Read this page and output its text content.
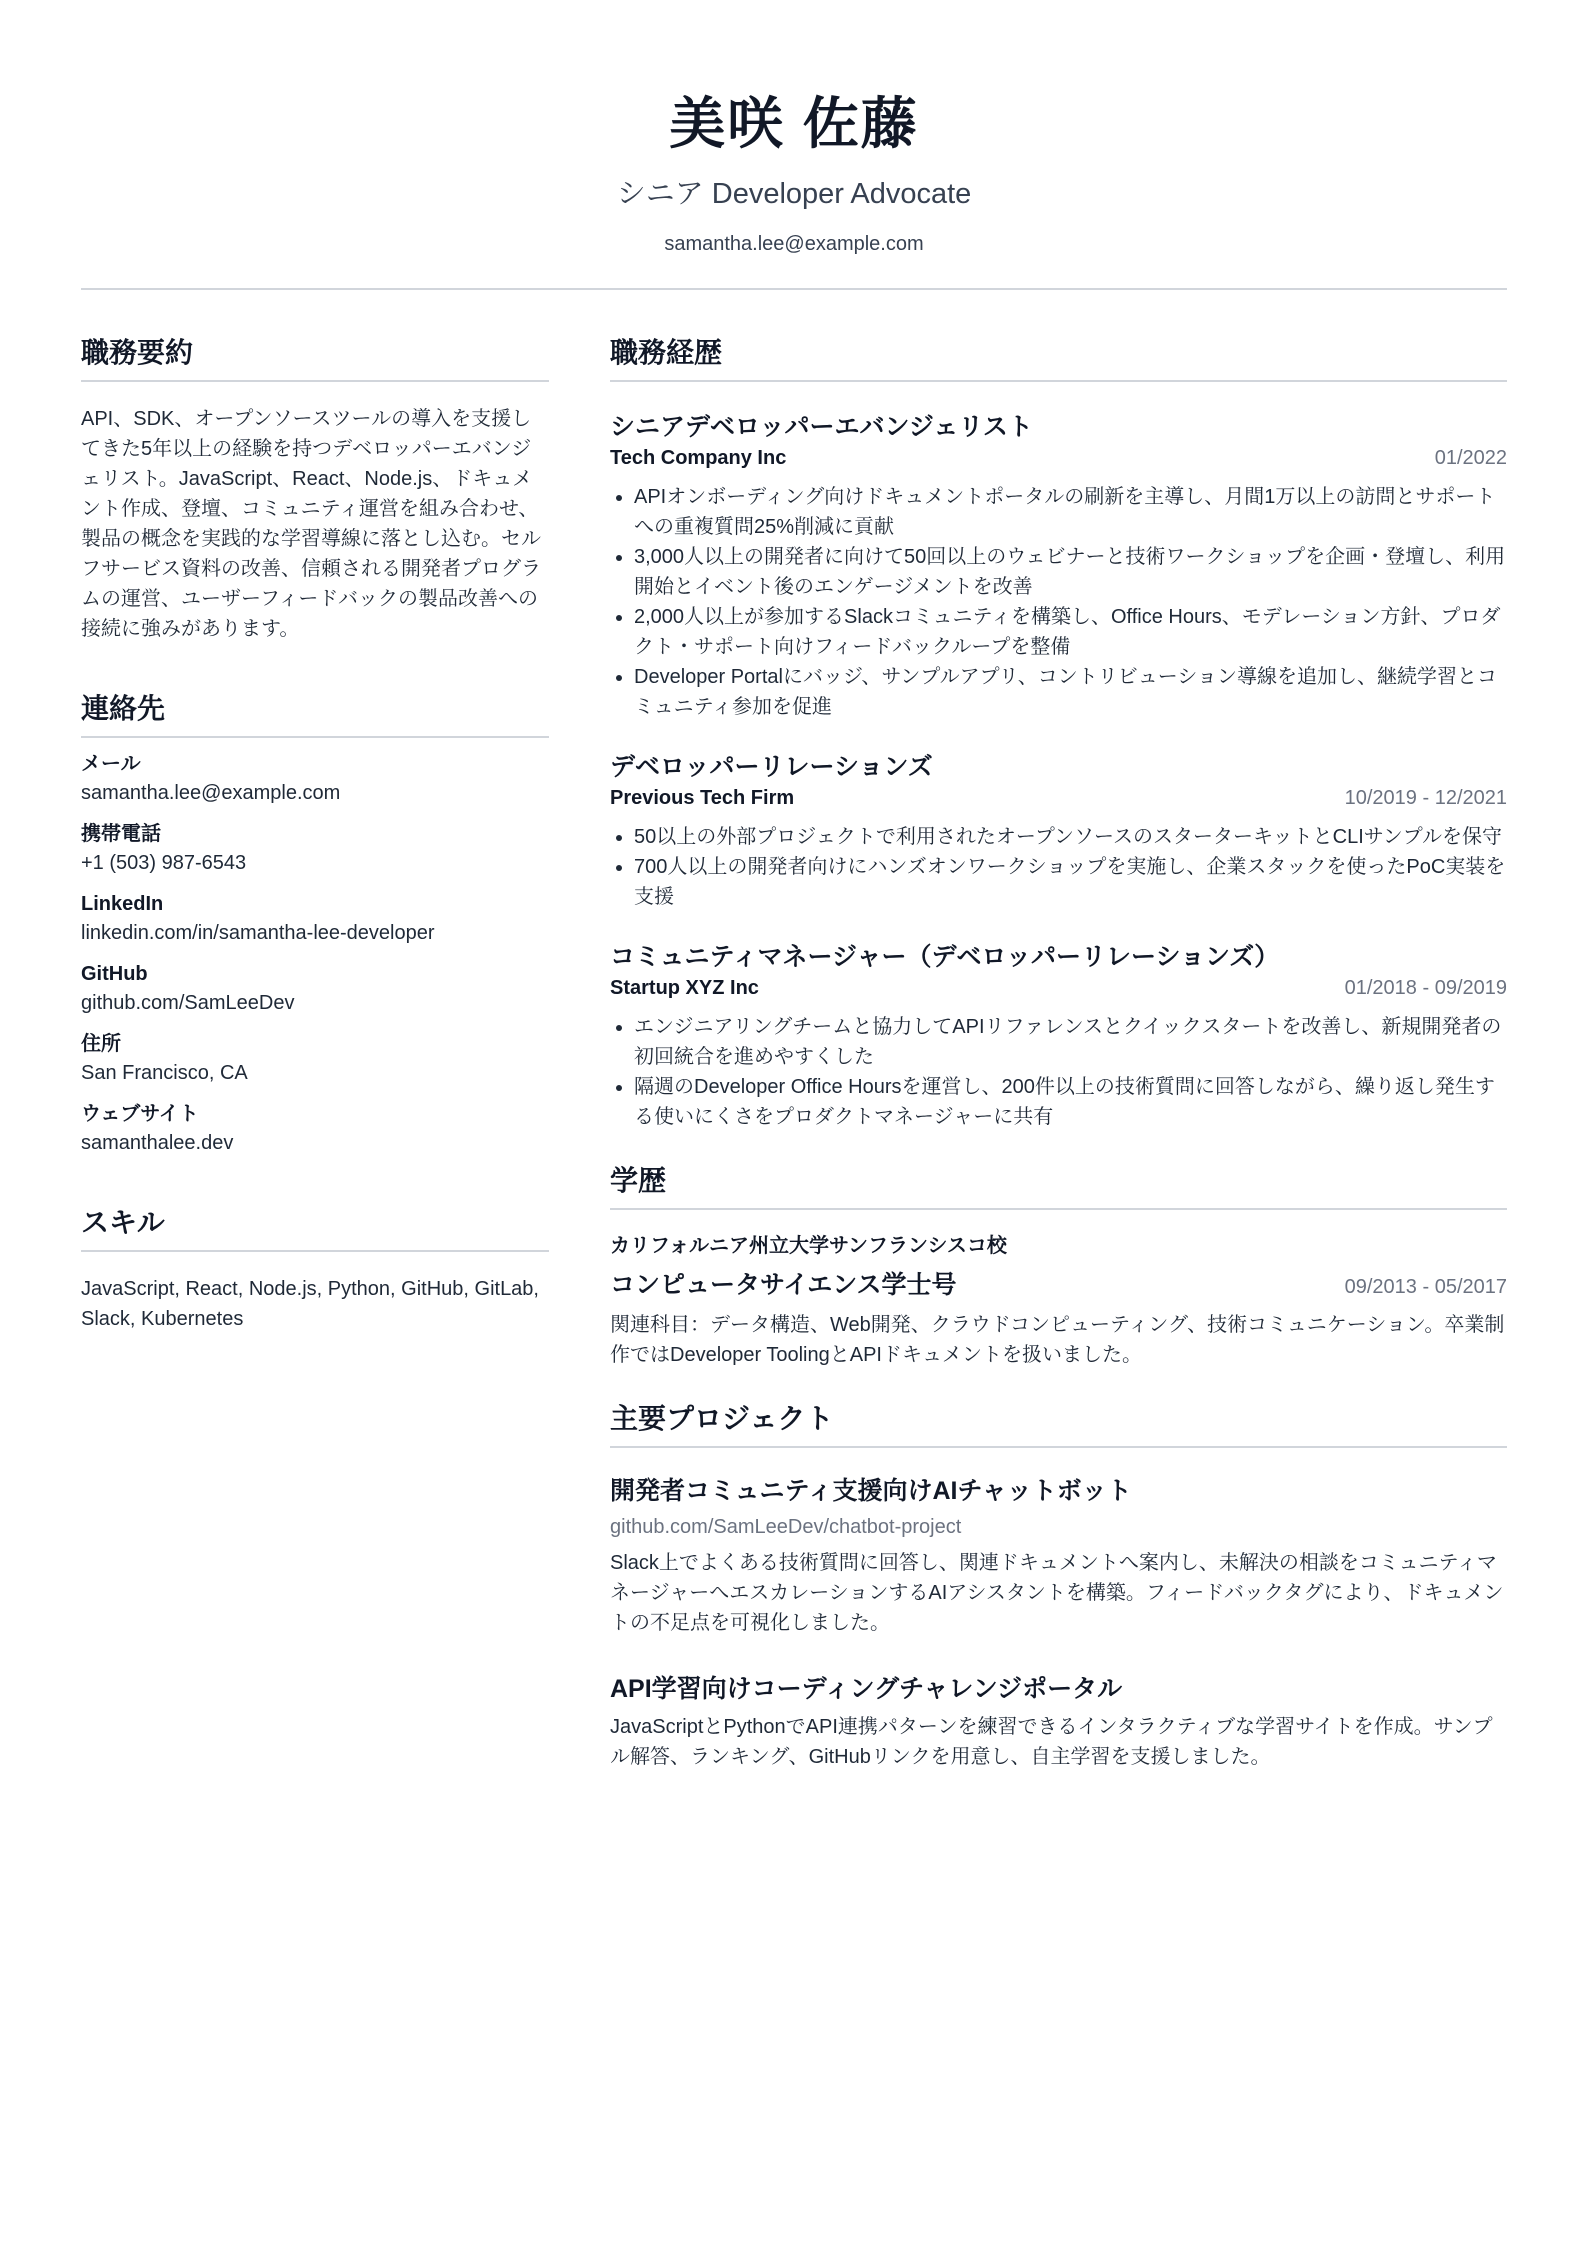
美咲 佐藤
シニア Developer Advocate
samantha.lee@example.com
職務要約
API、SDK、オープンソースツールの導入を支援してきた5年以上の経験を持つデベロッパーエバンジェリスト。JavaScript、React、Node.js、ドキュメント作成、登壇、コミュニティ運営を組み合わせ、製品の概念を実践的な学習導線に落とし込む。セルフサービス資料の改善、信頼される開発者プログラムの運営、ユーザーフィードバックの製品改善への接続に強みがあります。
連絡先
メール
samantha.lee@example.com
携帯電話
+1 (503) 987-6543
LinkedIn
linkedin.com/in/samantha-lee-developer
GitHub
github.com/SamLeeDev
住所
San Francisco, CA
ウェブサイト
samanthalee.dev
スキル
JavaScript, React, Node.js, Python, GitHub, GitLab, Slack, Kubernetes
職務経歴
シニアデベロッパーエバンジェリスト
Tech Company Inc	01/2022
APIオンボーディング向けドキュメントポータルの刷新を主導し、月間1万以上の訪問とサポートへの重複質問25%削減に貢献
3,000人以上の開発者に向けて50回以上のウェビナーと技術ワークショップを企画・登壇し、利用開始とイベント後のエンゲージメントを改善
2,000人以上が参加するSlackコミュニティを構築し、Office Hours、モデレーション方針、プロダクト・サポート向けフィードバックループを整備
Developer Portalにバッジ、サンプルアプリ、コントリビューション導線を追加し、継続学習とコミュニティ参加を促進
デベロッパーリレーションズ
Previous Tech Firm	10/2019 - 12/2021
50以上の外部プロジェクトで利用されたオープンソースのスターターキットとCLIサンプルを保守
700人以上の開発者向けにハンズオンワークショップを実施し、企業スタックを使ったPoC実装を支援
コミュニティマネージャー（デベロッパーリレーションズ）
Startup XYZ Inc	01/2018 - 09/2019
エンジニアリングチームと協力してAPIリファレンスとクイックスタートを改善し、新規開発者の初回統合を進めやすくした
隔週のDeveloper Office Hoursを運営し、200件以上の技術質問に回答しながら、繰り返し発生する使いにくさをプロダクトマネージャーに共有
学歴
カリフォルニア州立大学サンフランシスコ校
コンピュータサイエンス学士号	09/2013 - 05/2017
関連科目：データ構造、Web開発、クラウドコンピューティング、技術コミュニケーション。卒業制作ではDeveloper ToolingとAPIドキュメントを扱いました。
主要プロジェクト
開発者コミュニティ支援向けAIチャットボット
github.com/SamLeeDev/chatbot-project
Slack上でよくある技術質問に回答し、関連ドキュメントへ案内し、未解決の相談をコミュニティマネージャーへエスカレーションするAIアシスタントを構築。フィードバックタグにより、ドキュメントの不足点を可視化しました。
API学習向けコーディングチャレンジポータル
JavaScriptとPythonでAPI連携パターンを練習できるインタラクティブな学習サイトを作成。サンプル解答、ランキング、GitHubリンクを用意し、自主学習を支援しました。
